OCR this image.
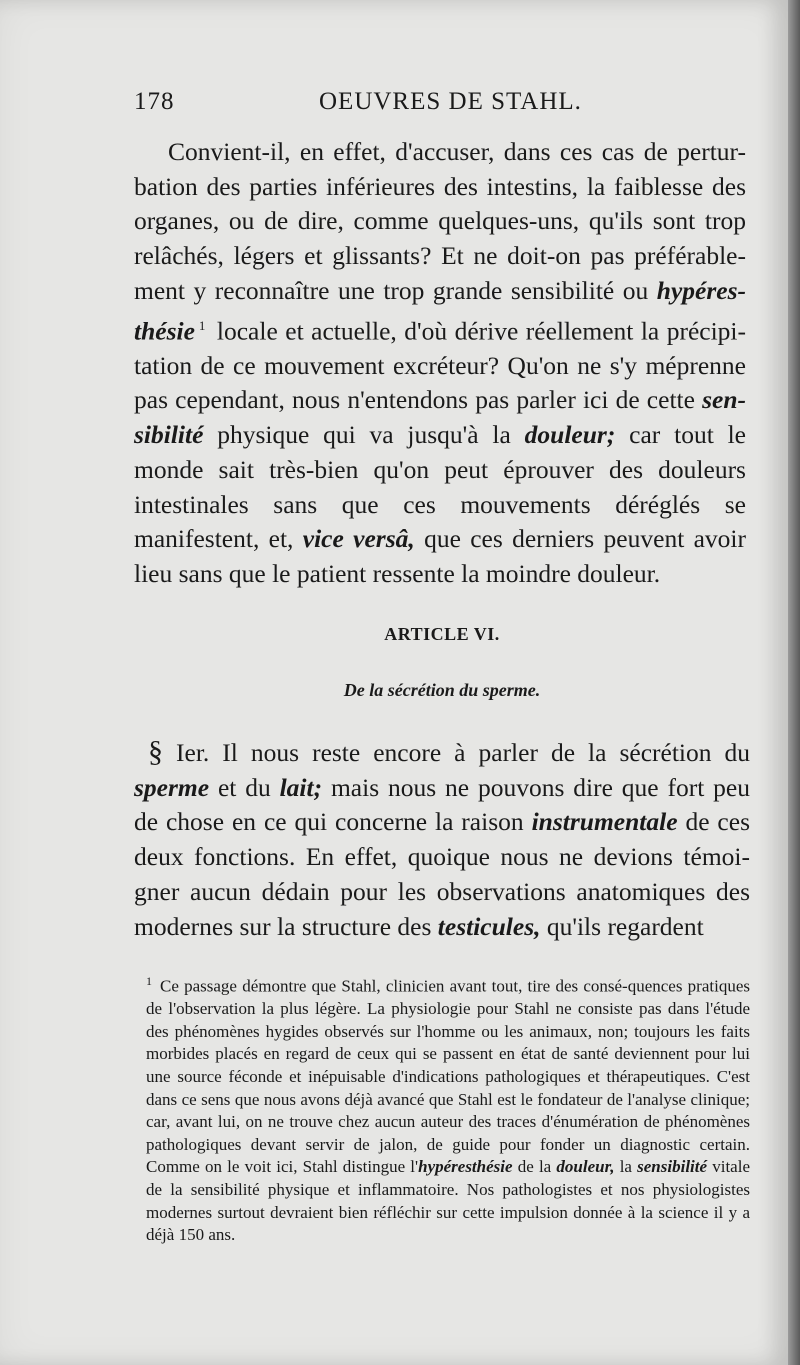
178	OEUVRES DE STAHL.

Convient-il, en effet, d'accuser, dans ces cas de pertur-bation des parties inférieures des intestins, la faiblesse des organes, ou de dire, comme quelques-uns, qu'ils sont trop relâchés, légers et glissants? Et ne doit-on pas préférable-ment y reconnaître une trop grande sensibilité ou hypéres-thésie $^1$ locale et actuelle, d'où dérive réellement la précipi-tation de ce mouvement excréteur? Qu'on ne s'y méprenne pas cependant, nous n'entendons pas parler ici de cette sen-sibilité physique qui va jusqu'à la douleur; car tout le monde sait très-bien qu'on peut éprouver des douleurs intestinales sans que ces mouvements déréglés se manifestent, et, vice versâ, que ces derniers peuvent avoir lieu sans que le patient ressente la moindre douleur.

ARTICLE VI.
De la sécrétion du sperme.

§ Ier. Il nous reste encore à parler de la sécrétion du sperme et du lait; mais nous ne pouvons dire que fort peu de chose en ce qui concerne la raison instrumentale de ces deux fonctions. En effet, quoique nous ne devions témoi-gner aucun dédain pour les observations anatomiques des modernes sur la structure des testicules, qu'ils regardent

$^1$ Ce passage démontre que Stahl, clinicien avant tout, tire des consé-quences pratiques de l'observation la plus légère. La physiologie pour Stahl ne consiste pas dans l'étude des phénomènes hygides observés sur l'homme ou les animaux, non; toujours les faits morbides placés en regard de ceux qui se passent en état de santé deviennent pour lui une source féconde et inépuisable d'indications pathologiques et thérapeutiques. C'est dans ce sens que nous avons déjà avancé que Stahl est le fondateur de l'analyse clinique; car, avant lui, on ne trouve chez aucun auteur des traces d'énumération de phénomènes pathologiques devant servir de jalon, de guide pour fonder un diagnostic certain. Comme on le voit ici, Stahl distingue l'hypéresthésie de la douleur, la sensibilité vitale de la sensibilité physique et inflammatoire. Nos pathologistes et nos physiologistes modernes surtout devraient bien réfléchir sur cette impulsion donnée à la science il y a déjà 150 ans.
